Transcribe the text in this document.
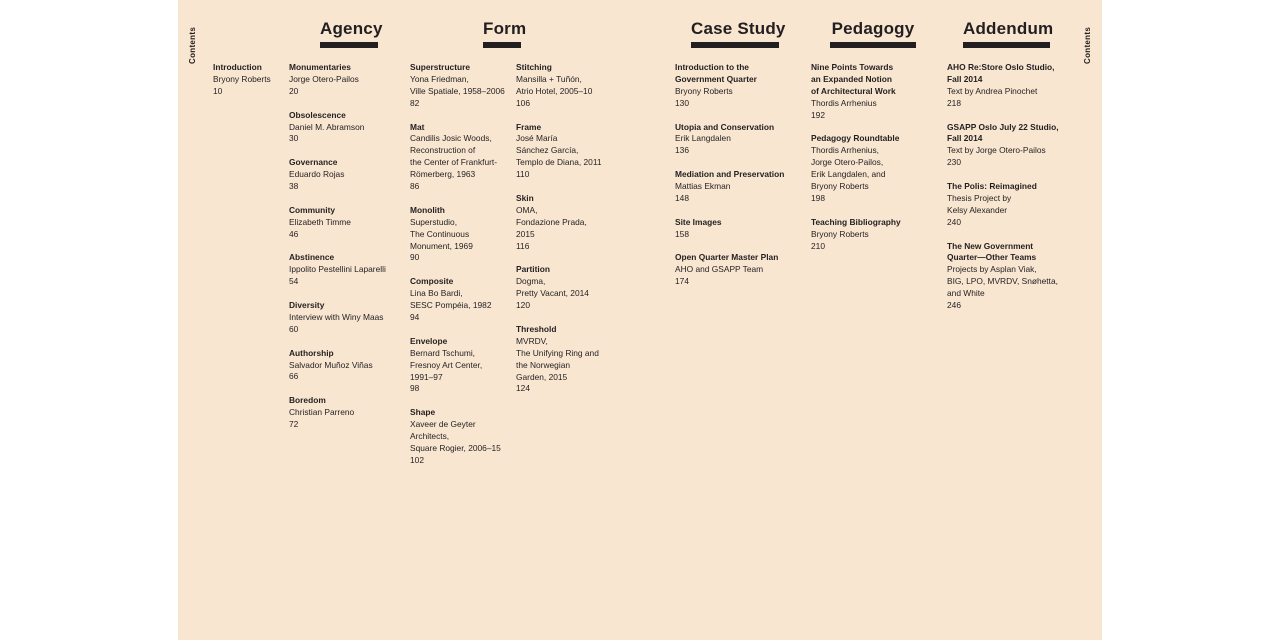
Contents	Contents
Agency	Form	Case Study	Pedagogy	Addendum
Introduction
Bryony Roberts
10
Monumentaries
Jorge Otero-Pailos
20
Obsolescence
Daniel M. Abramson
30
Governance
Eduardo Rojas
38
Community
Elizabeth Timme
46
Abstinence
Ippolito Pestellini Laparelli
54
Diversity
Interview with Winy Maas
60
Authorship
Salvador Muñoz Viñas
66
Boredom
Christian Parreno
72
Superstructure
Yona Friedman,
Ville Spatiale, 1958–2006
82
Mat
Candilis Josic Woods,
Reconstruction of
the Center of Frankfurt-
Römerberg, 1963
86
Monolith
Superstudio,
The Continuous
Monument, 1969
90
Composite
Lina Bo Bardi,
SESC Pompéia, 1982
94
Envelope
Bernard Tschumi,
Fresnoy Art Center,
1991–97
98
Shape
Xaveer de Geyter
Architects,
Square Rogier, 2006–15
102
Stitching
Mansilla + Tuñón,
Atrio Hotel, 2005–10
106
Frame
José María
Sánchez García,
Templo de Diana, 2011
110
Skin
OMA,
Fondazione Prada,
2015
116
Partition
Dogma,
Pretty Vacant, 2014
120
Threshold
MVRDV,
The Unifying Ring and
the Norwegian
Garden, 2015
124
Introduction to the
Government Quarter
Bryony Roberts
130
Utopia and Conservation
Erik Langdalen
136
Mediation and Preservation
Mattias Ekman
148
Site Images
158
Open Quarter Master Plan
AHO and GSAPP Team
174
Nine Points Towards
an Expanded Notion
of Architectural Work
Thordis Arrhenius
192
Pedagogy Roundtable
Thordis Arrhenius,
Jorge Otero-Pailos,
Erik Langdalen, and
Bryony Roberts
198
Teaching Bibliography
Bryony Roberts
210
AHO Re:Store Oslo Studio,
Fall 2014
Text by Andrea Pinochet
218
GSAPP Oslo July 22 Studio,
Fall 2014
Text by Jorge Otero-Pailos
230
The Polis: Reimagined
Thesis Project by
Kelsy Alexander
240
The New Government
Quarter—Other Teams
Projects by Asplan Viak,
BIG, LPO, MVRDV, Snøhetta,
and White
246
